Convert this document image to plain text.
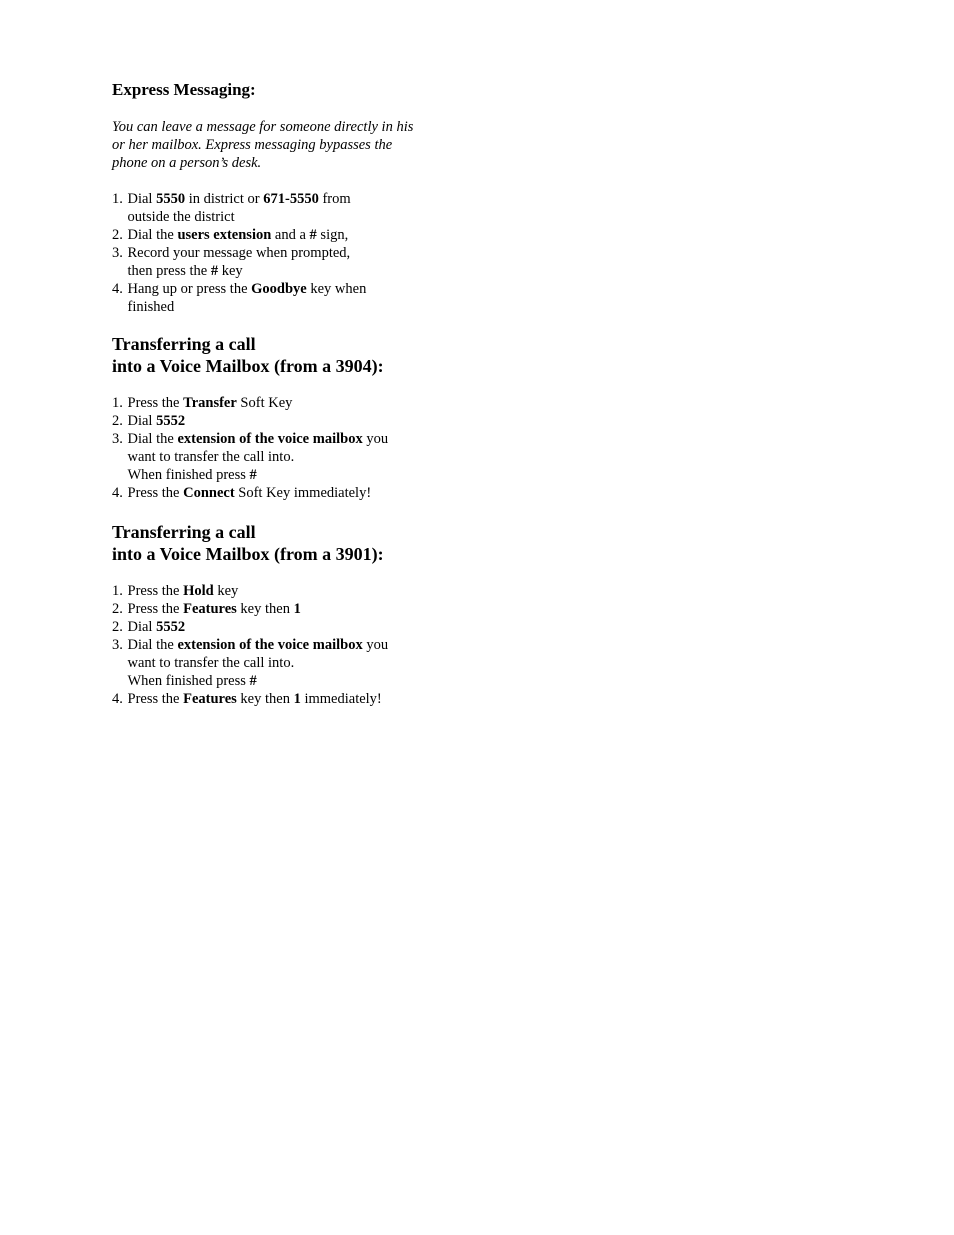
Express Messaging:

You can leave a message for someone directly in his
or her mailbox. Express messaging bypasses the
phone on a person’s desk.

1. Dial 5550 in district or 671-5550 from
outside the district
2. Dial the users extension and a # sign,
3. Record your message when prompted,
then press the # key
4. Hang up or press the Goodbye key when
finished

Transferring a call
into a Voice Mailbox (from a 3904):

1. Press the Transfer Soft Key
2. Dial 5552
3. Dial the extension of the voice mailbox you
want to transfer the call into.
When finished press #
4. Press the Connect Soft Key immediately!

Transferring a call
into a Voice Mailbox (from a 3901):

1. Press the Hold key
2. Press the Features key then 1
2. Dial 5552
3. Dial the extension of the voice mailbox you
want to transfer the call into.
When finished press #
4. Press the Features key then 1 immediately!
